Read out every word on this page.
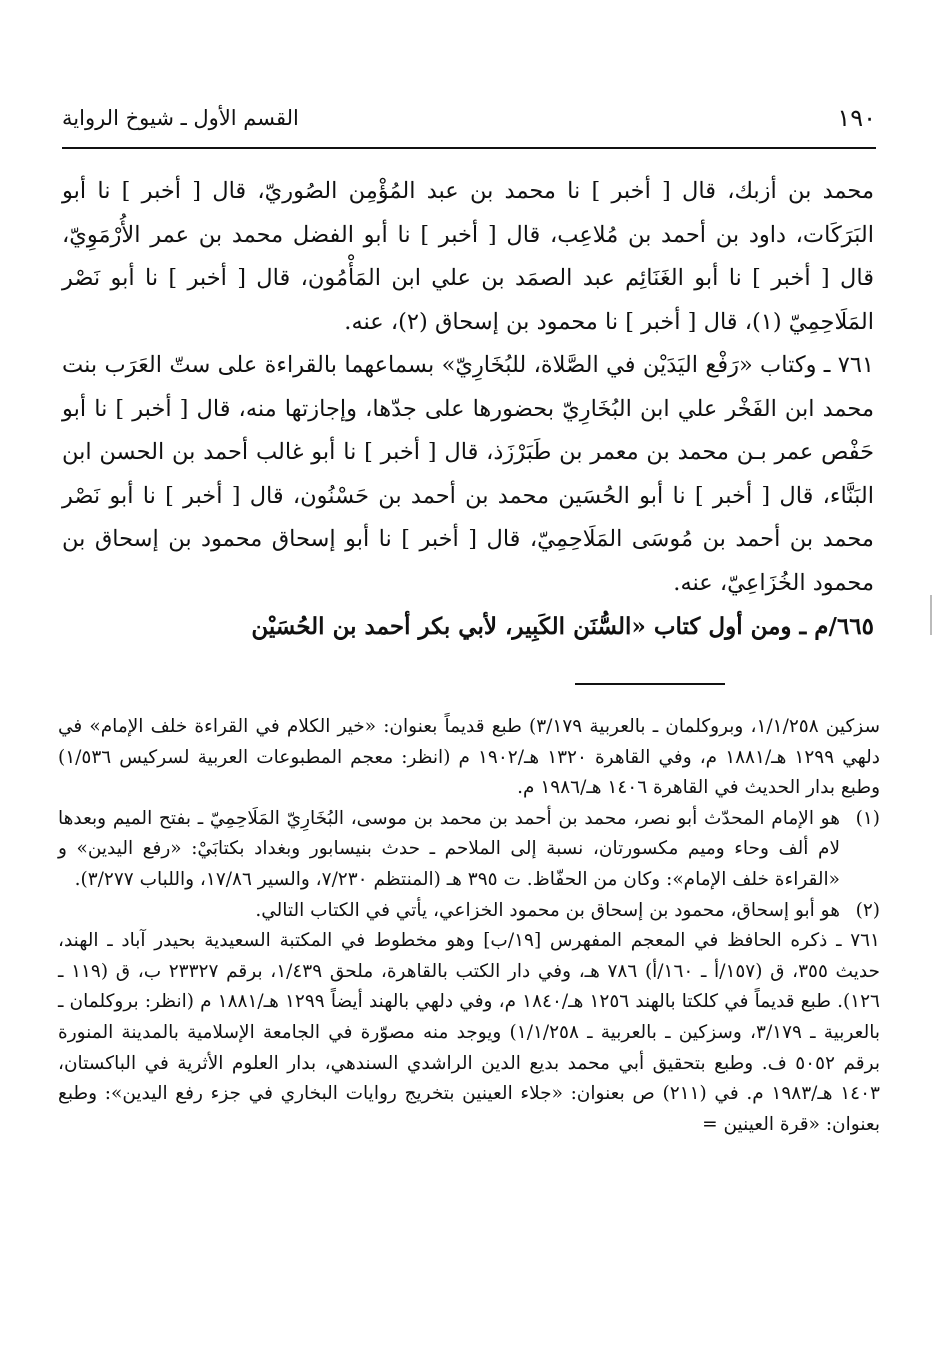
١٩٠
القسم الأول ـ شيوخ الرواية

محمد بن أزبك، قال [ أخبر ] نا محمد بن عبد المُؤْمِن الصُوريّ، قال [ أخبر ] نا أبو البَرَكَات، داود بن أحمد بن مُلاعِب، قال [ أخبر ] نا أبو الفضل محمد بن عمر الأُرْمَوِيّ، قال [ أخبر ] نا أبو الغَنَائِم عبد الصمَد بن علي ابن المَأْمُون، قال [ أخبر ] نا أبو نَصْر المَلَاحِمِيّ (١)، قال [ أخبر ] نا محمود بن إسحاق (٢)، عنه.

٧٦١ ـ وكتاب «رَفْع اليَدَيْن في الصَّلاة، للبُخَارِيّ» بسماعهما بالقراءة على ستّ العَرَب بنت محمد ابن الفَخْر علي ابن البُخَارِيّ بحضورها على جدّها، وإجازتها منه، قال [ أخبر ] نا أبو حَفْص عمر بـن محمد بن معمر بن طَبَرْزَذ، قال [ أخبر ] نا أبو غالب أحمد بن الحسن ابن البَنَّاء، قال [ أخبر ] نا أبو الحُسَين محمد بن أحمد بن حَسْنُون، قال [ أخبر ] نا أبو نَصْر محمد بن أحمد بن مُوسَى المَلَاحِمِيّ، قال [ أخبر ] نا أبو إسحاق محمود بن إسحاق بن محمود الخُزَاعِيّ، عنه.

٦٦٥/م ـ ومن أول كتاب «السُّنَن الكَبِير، لأبي بكر أحمد بن الحُسَيْن

سزكين ١/١/٢٥٨، وبروكلمان ـ بالعربية ٣/١٧٩) طبع قديماً بعنوان: «خير الكلام في القراءة خلف الإمام» في دلهي ١٢٩٩ هـ/١٨٨١ م، وفي القاهرة ١٣٢٠ هـ/١٩٠٢ م (انظر: معجم المطبوعات العربية لسركيس ١/٥٣٦) وطبع بدار الحديث في القاهرة ١٤٠٦ هـ/١٩٨٦ م.

(١)

هو الإمام المحدّث أبو نصر، محمد بن أحمد بن محمد بن موسى، البُخَارِيّ المَلَاحِمِيّ ـ بفتح الميم وبعدها لام ألف وحاء وميم مكسورتان، نسبة إلى الملاحم ـ حدث بنيسابور وبغداد بكتابَيْ: «رفع اليدين» و «القراءة خلف الإمام»: وكان من الحفّاظ. ت ٣٩٥ هـ (المنتظم ٧/٢٣٠، والسير ١٧/٨٦، واللباب ٣/٢٧٧).

(٢)

هو أبو إسحاق، محمود بن إسحاق بن محمود الخزاعي، يأتي في الكتاب التالي.

٧٦١ ـ ذكره الحافظ في المعجم المفهرس [١٩/ب] وهو مخطوط في المكتبة السعيدية بحيدر آباد ـ الهند، حديث ٣٥٥، ق (١٥٧/أ ـ ١٦٠/أ) ٧٨٦ هـ، وفي دار الكتب بالقاهرة، ملحق ١/٤٣٩، برقم ٢٣٣٢٧ ب، ق (١١٩ ـ ١٢٦). طبع قديماً في كلكتا بالهند ١٢٥٦ هـ/١٨٤٠ م، وفي دلهي بالهند أيضاً ١٢٩٩ هـ/١٨٨١ م (انظر: بروكلمان ـ بالعربية ـ ٣/١٧٩، وسزكين ـ بالعربية ـ ١/١/٢٥٨) ويوجد منه مصوّرة في الجامعة الإسلامية بالمدينة المنورة برقم ٥٠٥٢ ف. وطبع بتحقيق أبي محمد بديع الدين الراشدي السندهي، بدار العلوم الأثرية في الباكستان، ١٤٠٣ هـ/١٩٨٣ م. في (٢١١) ص بعنوان: «جلاء العينين بتخريج روايات البخاري في جزء رفع اليدين»: وطبع بعنوان: «قرة العينين =
